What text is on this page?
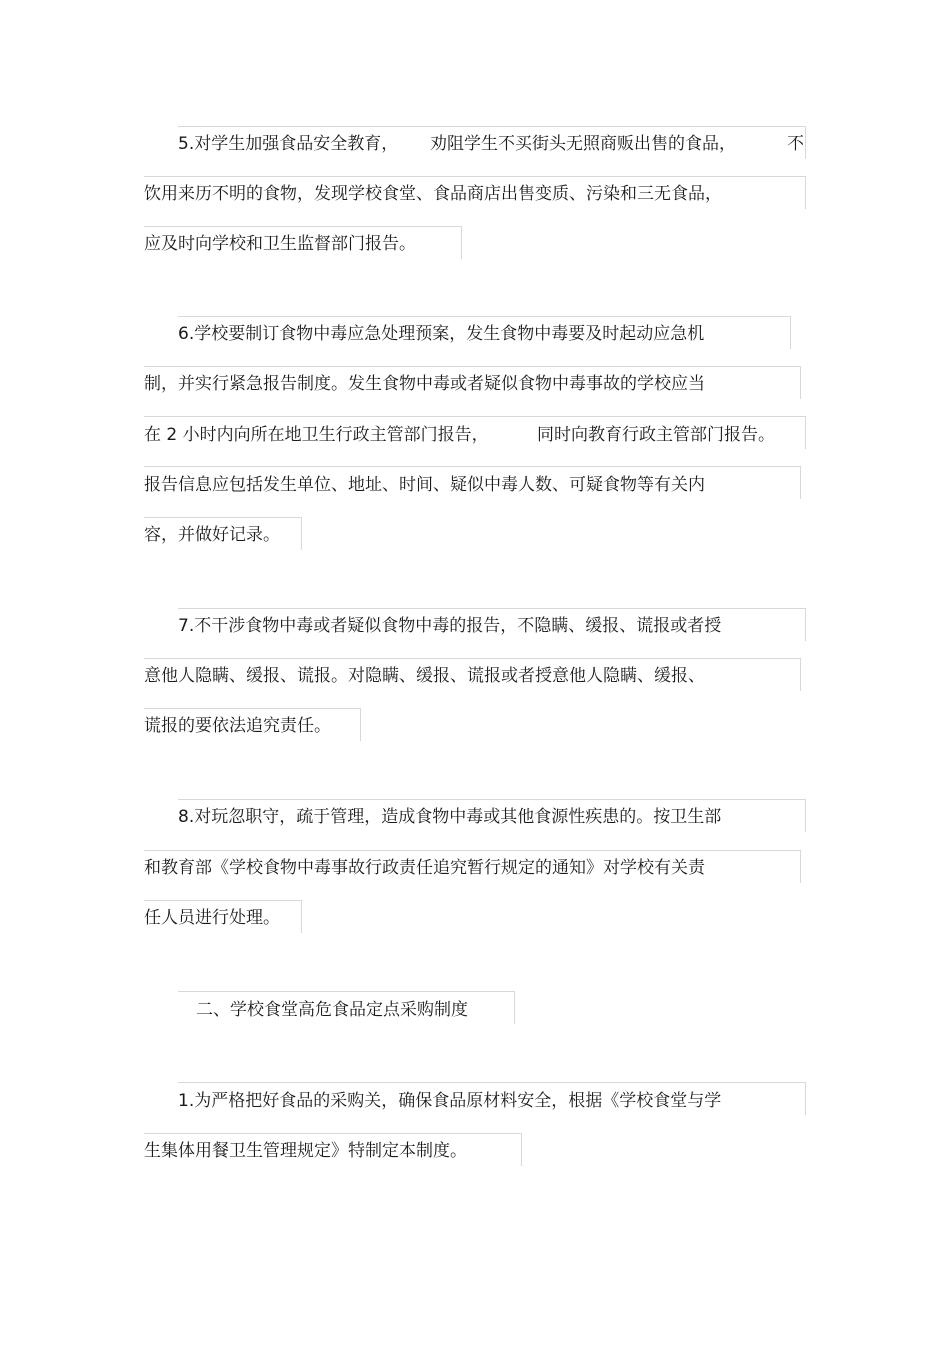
5.对学生加强食品安全教育， 劝阻学生不买街头无照商贩出售的食品，	不
饮用来历不明的食物，发现学校食堂、食品商店出售变质、污染和三无食品，
应及时向学校和卫生监督部门报告。
6.学校要制订食物中毒应急处理预案，发生食物中毒要及时起动应急机
制，并实行紧急报告制度。发生食物中毒或者疑似食物中毒事故的学校应当
在 2 小时内向所在地卫生行政主管部门报告，	同时向教育行政主管部门报告。
报告信息应包括发生单位、地址、时间、疑似中毒人数、可疑食物等有关内
容，并做好记录。
7.不干涉食物中毒或者疑似食物中毒的报告，不隐瞒、缓报、谎报或者授
意他人隐瞒、缓报、谎报。对隐瞒、缓报、谎报或者授意他人隐瞒、缓报、
谎报的要依法追究责任。
8.对玩忽职守，疏于管理，造成食物中毒或其他食源性疾患的。按卫生部
和教育部《学校食物中毒事故行政责任追究暂行规定的通知》对学校有关责
任人员进行处理。
二、学校食堂高危食品定点采购制度
1.为严格把好食品的采购关，确保食品原材料安全，根据《学校食堂与学
生集体用餐卫生管理规定》特制定本制度。
